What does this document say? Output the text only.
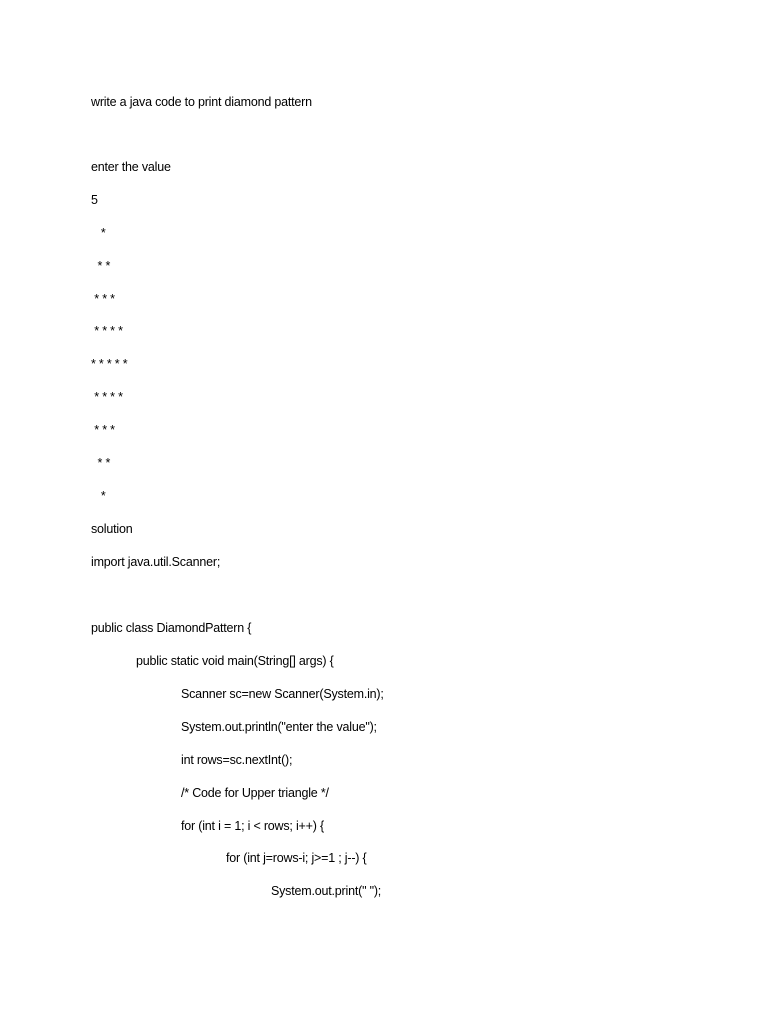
write a java code to print diamond pattern

enter the value

5

*

* *

* * *

* * * *

* * * * *

* * * *

* * *

* *

*

solution

import java.util.Scanner;

public class DiamondPattern {

public static void main(String[] args) {

Scanner sc=new Scanner(System.in);

System.out.println("enter the value");

int rows=sc.nextInt();

/* Code for Upper triangle */

for (int i = 1; i < rows; i++) {

for (int j=rows-i; j>=1 ; j--) {

System.out.print(" ");
